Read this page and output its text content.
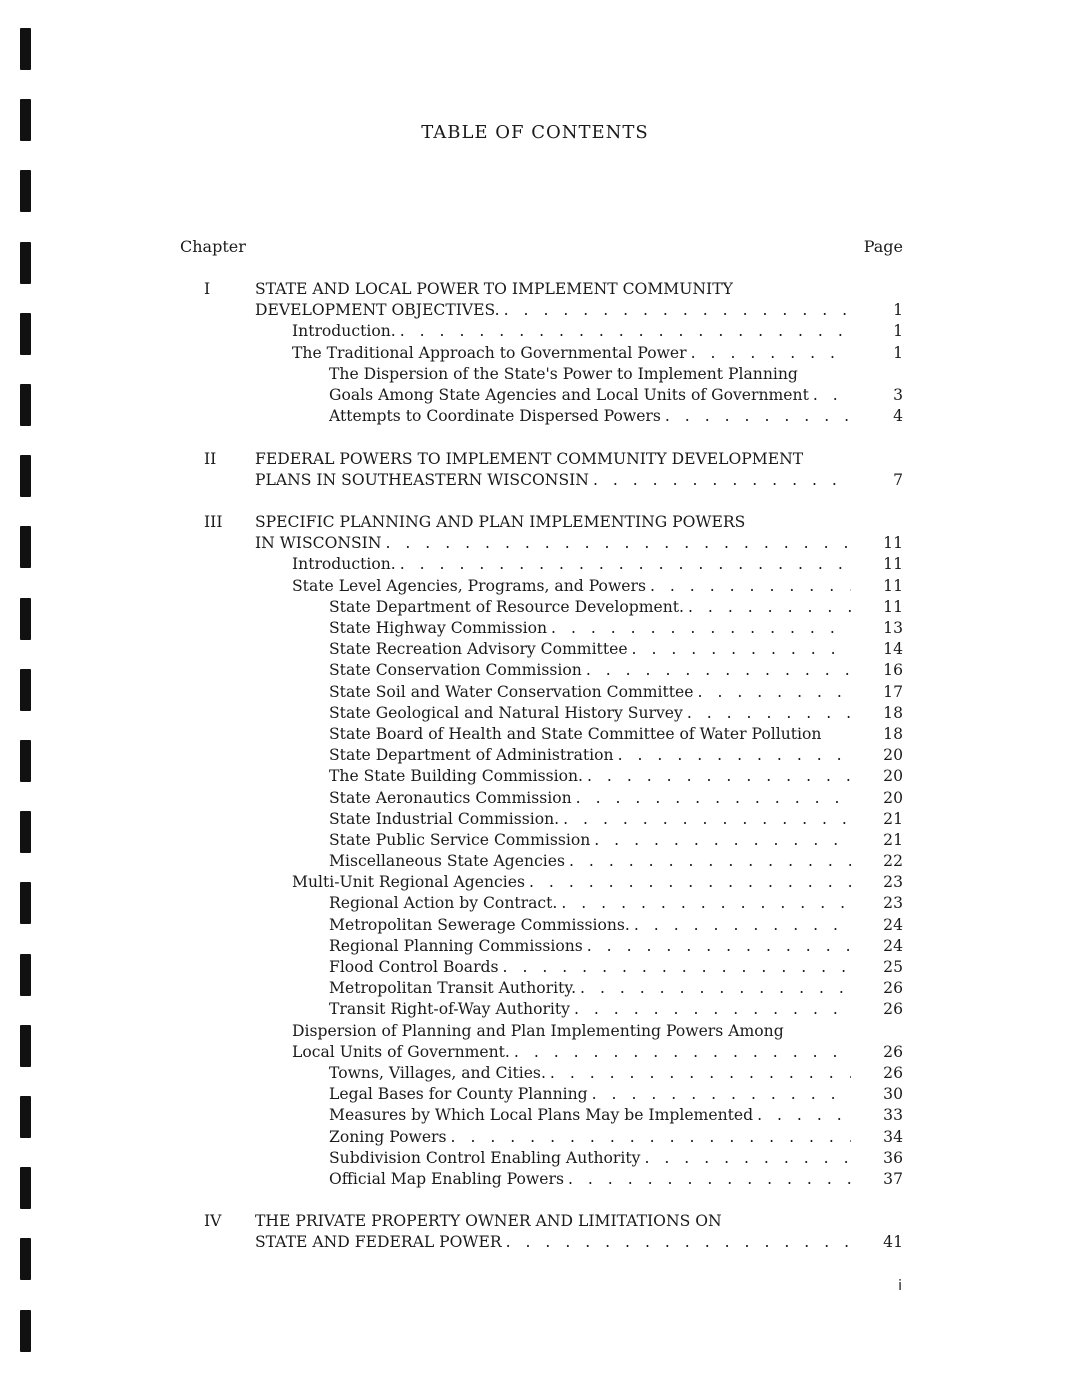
TABLE OF CONTENTS
Chapter	Page
I	STATE AND LOCAL POWER TO IMPLEMENT COMMUNITY
DEVELOPMENT OBJECTIVES. . . .	1
Introduction. . . .	1
The Traditional Approach to Governmental Power . . .	1
The Dispersion of the State's Power to Implement Planning
Goals Among State Agencies and Local Units of Government . . .	3
Attempts to Coordinate Dispersed Powers . . .	4
II FEDERAL POWERS TO IMPLEMENT COMMUNITY DEVELOPMENT
PLANS IN SOUTHEASTERN WISCONSIN . . .	7
III SPECIFIC PLANNING AND PLAN IMPLEMENTING POWERS
IN WISCONSIN . . .	11
Introduction. . . .	11
State Level Agencies, Programs, and Powers . . .	11
State Department of Resource Development. . . .	11
State Highway Commission . . .	13
State Recreation Advisory Committee . . .	14
State Conservation Commission . . .	16
State Soil and Water Conservation Committee . . .	17
State Geological and Natural History Survey . . .	18
State Board of Health and State Committee of Water Pollution	18
State Department of Administration . . .	20
The State Building Commission. . . .	20
State Aeronautics Commission . . .	20
State Industrial Commission. . . .	21
State Public Service Commission . . .	21
Miscellaneous State Agencies . . .	22
Multi-Unit Regional Agencies . . .	23
Regional Action by Contract. . . .	23
Metropolitan Sewerage Commissions. . . .	24
Regional Planning Commissions . . .	24
Flood Control Boards . . .	25
Metropolitan Transit Authority. . . .	26
Transit Right-of-Way Authority . . .	26
Dispersion of Planning and Plan Implementing Powers Among
Local Units of Government. . . .	26
Towns, Villages, and Cities. . . .	26
Legal Bases for County Planning . . .	30
Measures by Which Local Plans May be Implemented . . .	33
Zoning Powers . . .	34
Subdivision Control Enabling Authority . . .	36
Official Map Enabling Powers . . .	37
IV THE PRIVATE PROPERTY OWNER AND LIMITATIONS ON
STATE AND FEDERAL POWER . . .	41
i
